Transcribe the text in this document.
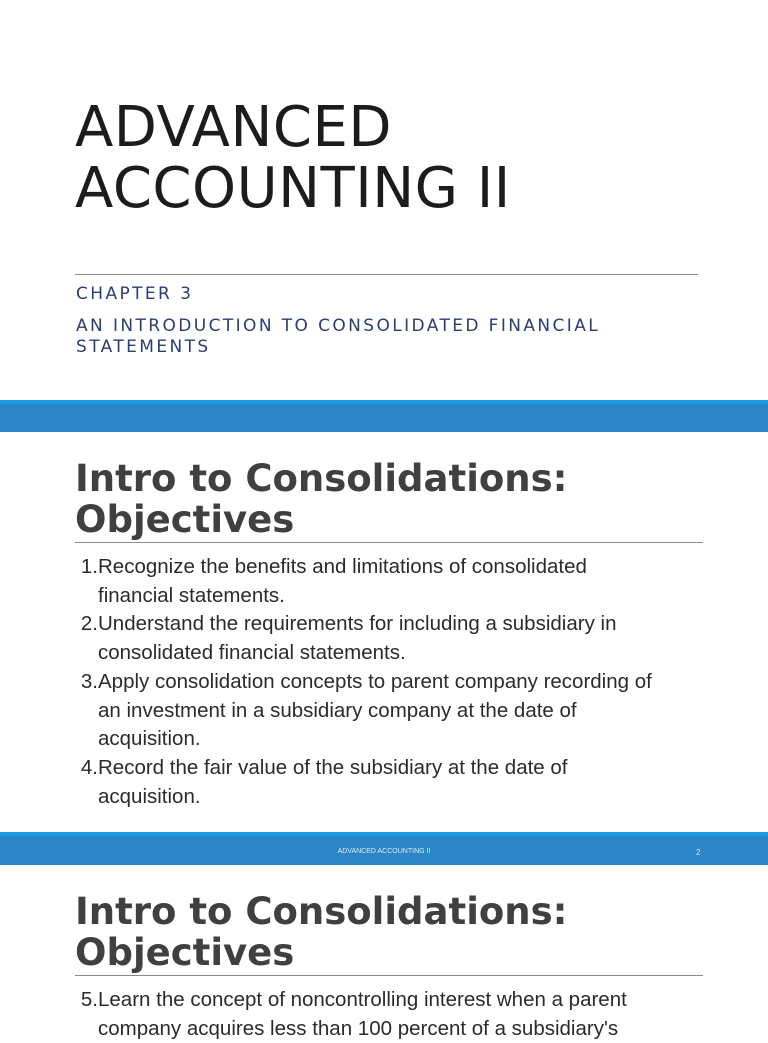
ADVANCED
ACCOUNTING II

CHAPTER 3

AN INTRODUCTION TO CONSOLIDATED FINANCIAL STATEMENTS

Intro to Consolidations:
Objectives
1. Recognize the benefits and limitations of consolidated
financial statements.
2. Understand the requirements for including a subsidiary in
consolidated financial statements.
3. Apply consolidation concepts to parent company recording of
an investment in a subsidiary company at the date of
acquisition.
4. Record the fair value of the subsidiary at the date of
acquisition.
ADVANCED ACCOUNTING II	2
Intro to Consolidations:
Objectives
5. Learn the concept of noncontrolling interest when a parent
company acquires less than 100 percent of a subsidiary's
